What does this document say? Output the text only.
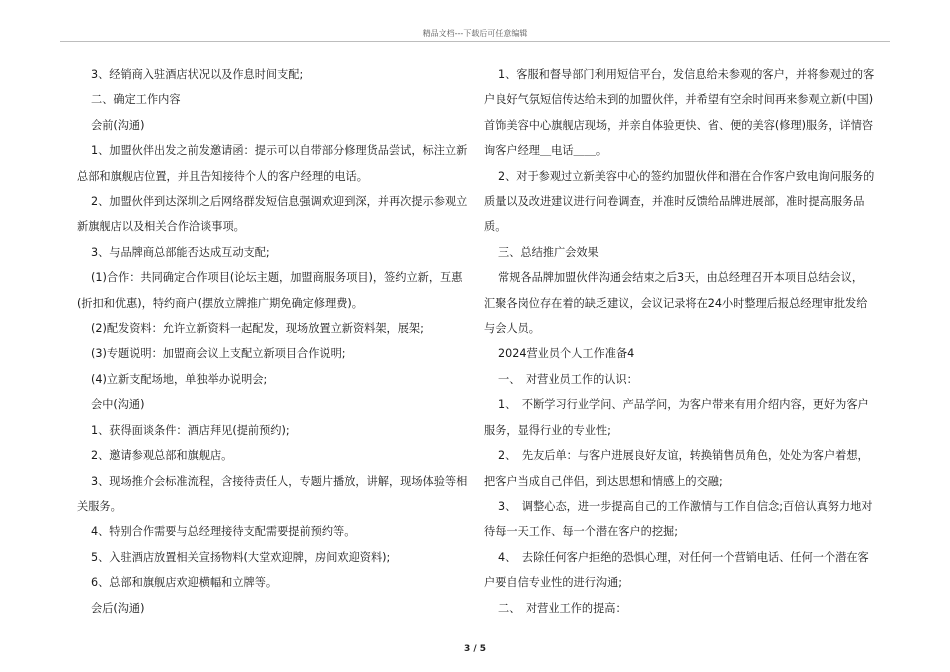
精品文档---下载后可任意编辑
3、经销商入驻酒店状况以及作息时间支配;
二、确定工作内容
会前(沟通)
1、加盟伙伴出发之前发邀请函：提示可以自带部分修理货品尝试，标注立新
总部和旗舰店位置，并且告知接待个人的客户经理的电话。
2、加盟伙伴到达深圳之后网络群发短信息强调欢迎到深，并再次提示参观立
新旗舰店以及相关合作洽谈事项。
3、与品牌商总部能否达成互动支配;
(1)合作：共同确定合作项目(论坛主题，加盟商服务项目)，签约立新，互惠
(折扣和优惠)，特约商户(摆放立牌推广期免确定修理费)。
(2)配发资料：允许立新资料一起配发，现场放置立新资料架，展架;
(3)专题说明：加盟商会议上支配立新项目合作说明;
(4)立新支配场地，单独举办说明会;
会中(沟通)
1、获得面谈条件：酒店拜见(提前预约);
2、邀请参观总部和旗舰店。
3、现场推介会标准流程，含接待责任人，专题片播放，讲解，现场体验等相
关服务。
4、特别合作需要与总经理接待支配需要提前预约等。
5、入驻酒店放置相关宣扬物料(大堂欢迎牌，房间欢迎资料);
6、总部和旗舰店欢迎横幅和立牌等。
会后(沟通)
1、客服和督导部门利用短信平台，发信息给未参观的客户，并将参观过的客
户良好气氛短信传达给未到的加盟伙伴，并希望有空余时间再来参观立新(中国)
首饰美容中心旗舰店现场，并亲自体验更快、省、便的美容(修理)服务，详情咨
询客户经理＿电话＿＿。
2、对于参观过立新美容中心的签约加盟伙伴和潜在合作客户致电询问服务的
质量以及改进建议进行问卷调查，并准时反馈给品牌进展部，准时提高服务品
质。
三、总结推广会效果
常规各品牌加盟伙伴沟通会结束之后3天，由总经理召开本项目总结会议，
汇聚各岗位存在着的缺乏建议，会议记录将在24小时整理后报总经理审批发给
与会人员。
2024营业员个人工作准备4
一、　对营业员工作的认识：
1、　不断学习行业学问、产品学问，为客户带来有用介绍内容，更好为客户
服务，显得行业的专业性;
2、　先友后单：与客户进展良好友谊，转换销售员角色，处处为客户着想，
把客户当成自己伴侣，到达思想和情感上的交融;
3、　调整心态，进一步提高自己的工作激情与工作自信念;百倍认真努力地对
待每一天工作、每一个潜在客户的挖掘;
4、　去除任何客户拒绝的恐惧心理，对任何一个营销电话、任何一个潜在客
户要自信专业性的进行沟通;
二、　对营业工作的提高：
3 / 5
